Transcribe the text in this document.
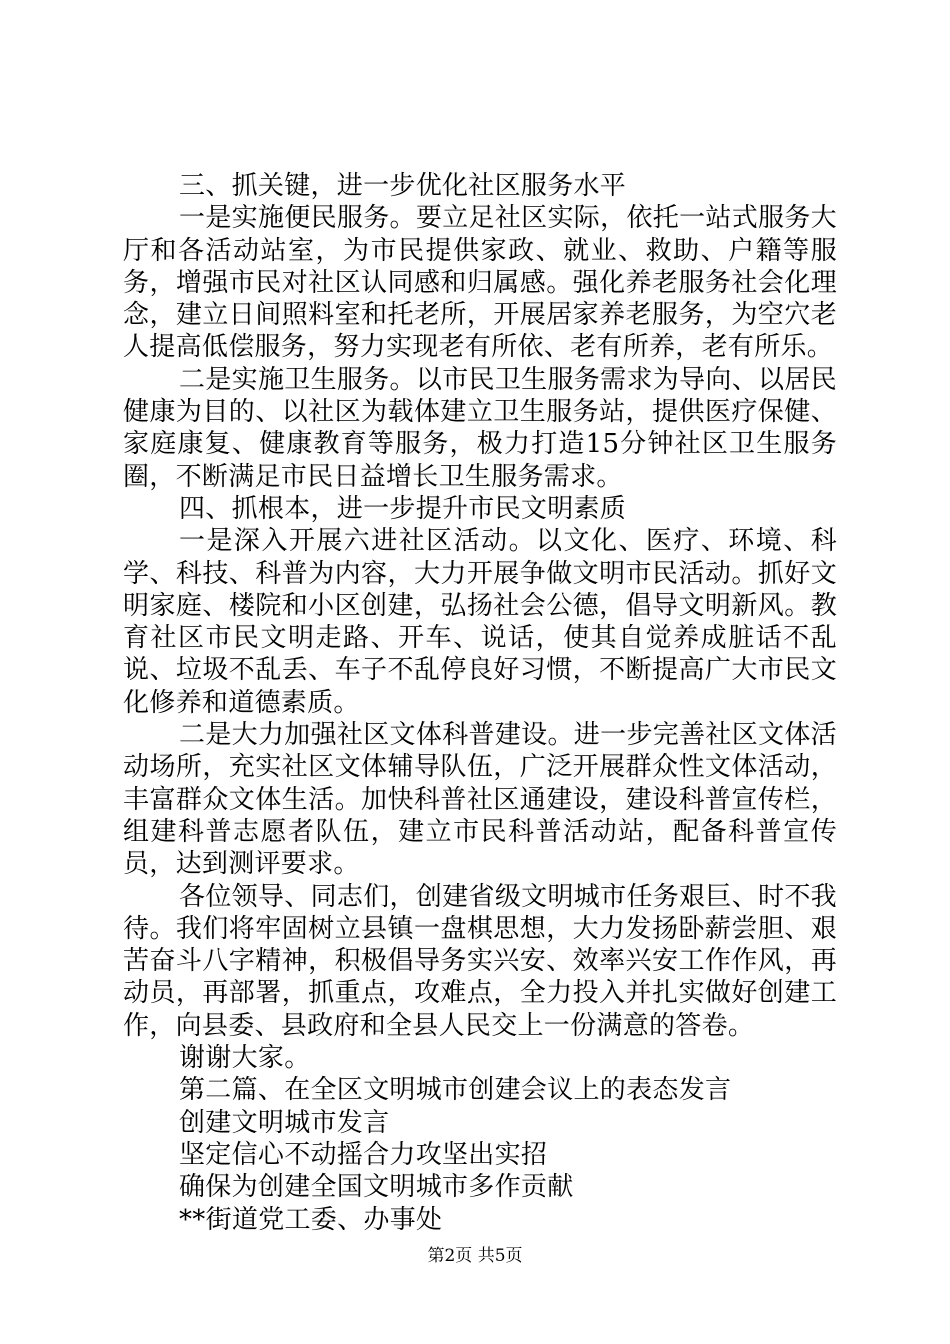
三、抓关键，进一步优化社区服务水平

一是实施便民服务。要立足社区实际，依托一站式服务大厅和各活动站室，为市民提供家政、就业、救助、户籍等服务，增强市民对社区认同感和归属感。强化养老服务社会化理念，建立日间照料室和托老所，开展居家养老服务，为空穴老人提高低偿服务，努力实现老有所依、老有所养，老有所乐。

二是实施卫生服务。以市民卫生服务需求为导向、以居民健康为目的、以社区为载体建立卫生服务站，提供医疗保健、家庭康复、健康教育等服务，极力打造15分钟社区卫生服务圈，不断满足市民日益增长卫生服务需求。

四、抓根本，进一步提升市民文明素质

一是深入开展六进社区活动。以文化、医疗、环境、科学、科技、科普为内容，大力开展争做文明市民活动。抓好文明家庭、楼院和小区创建，弘扬社会公德，倡导文明新风。教育社区市民文明走路、开车、说话，使其自觉养成脏话不乱说、垃圾不乱丢、车子不乱停良好习惯，不断提高广大市民文化修养和道德素质。

二是大力加强社区文体科普建设。进一步完善社区文体活动场所，充实社区文体辅导队伍，广泛开展群众性文体活动，丰富群众文体生活。加快科普社区通建设，建设科普宣传栏，组建科普志愿者队伍，建立市民科普活动站，配备科普宣传员，达到测评要求。

各位领导、同志们，创建省级文明城市任务艰巨、时不我待。我们将牢固树立县镇一盘棋思想，大力发扬卧薪尝胆、艰苦奋斗八字精神，积极倡导务实兴安、效率兴安工作作风，再动员，再部署，抓重点，攻难点，全力投入并扎实做好创建工作，向县委、县政府和全县人民交上一份满意的答卷。

谢谢大家。

第二篇、在全区文明城市创建会议上的表态发言

创建文明城市发言

坚定信心不动摇合力攻坚出实招

确保为创建全国文明城市多作贡献

**街道党工委、办事处

第2页 共5页
